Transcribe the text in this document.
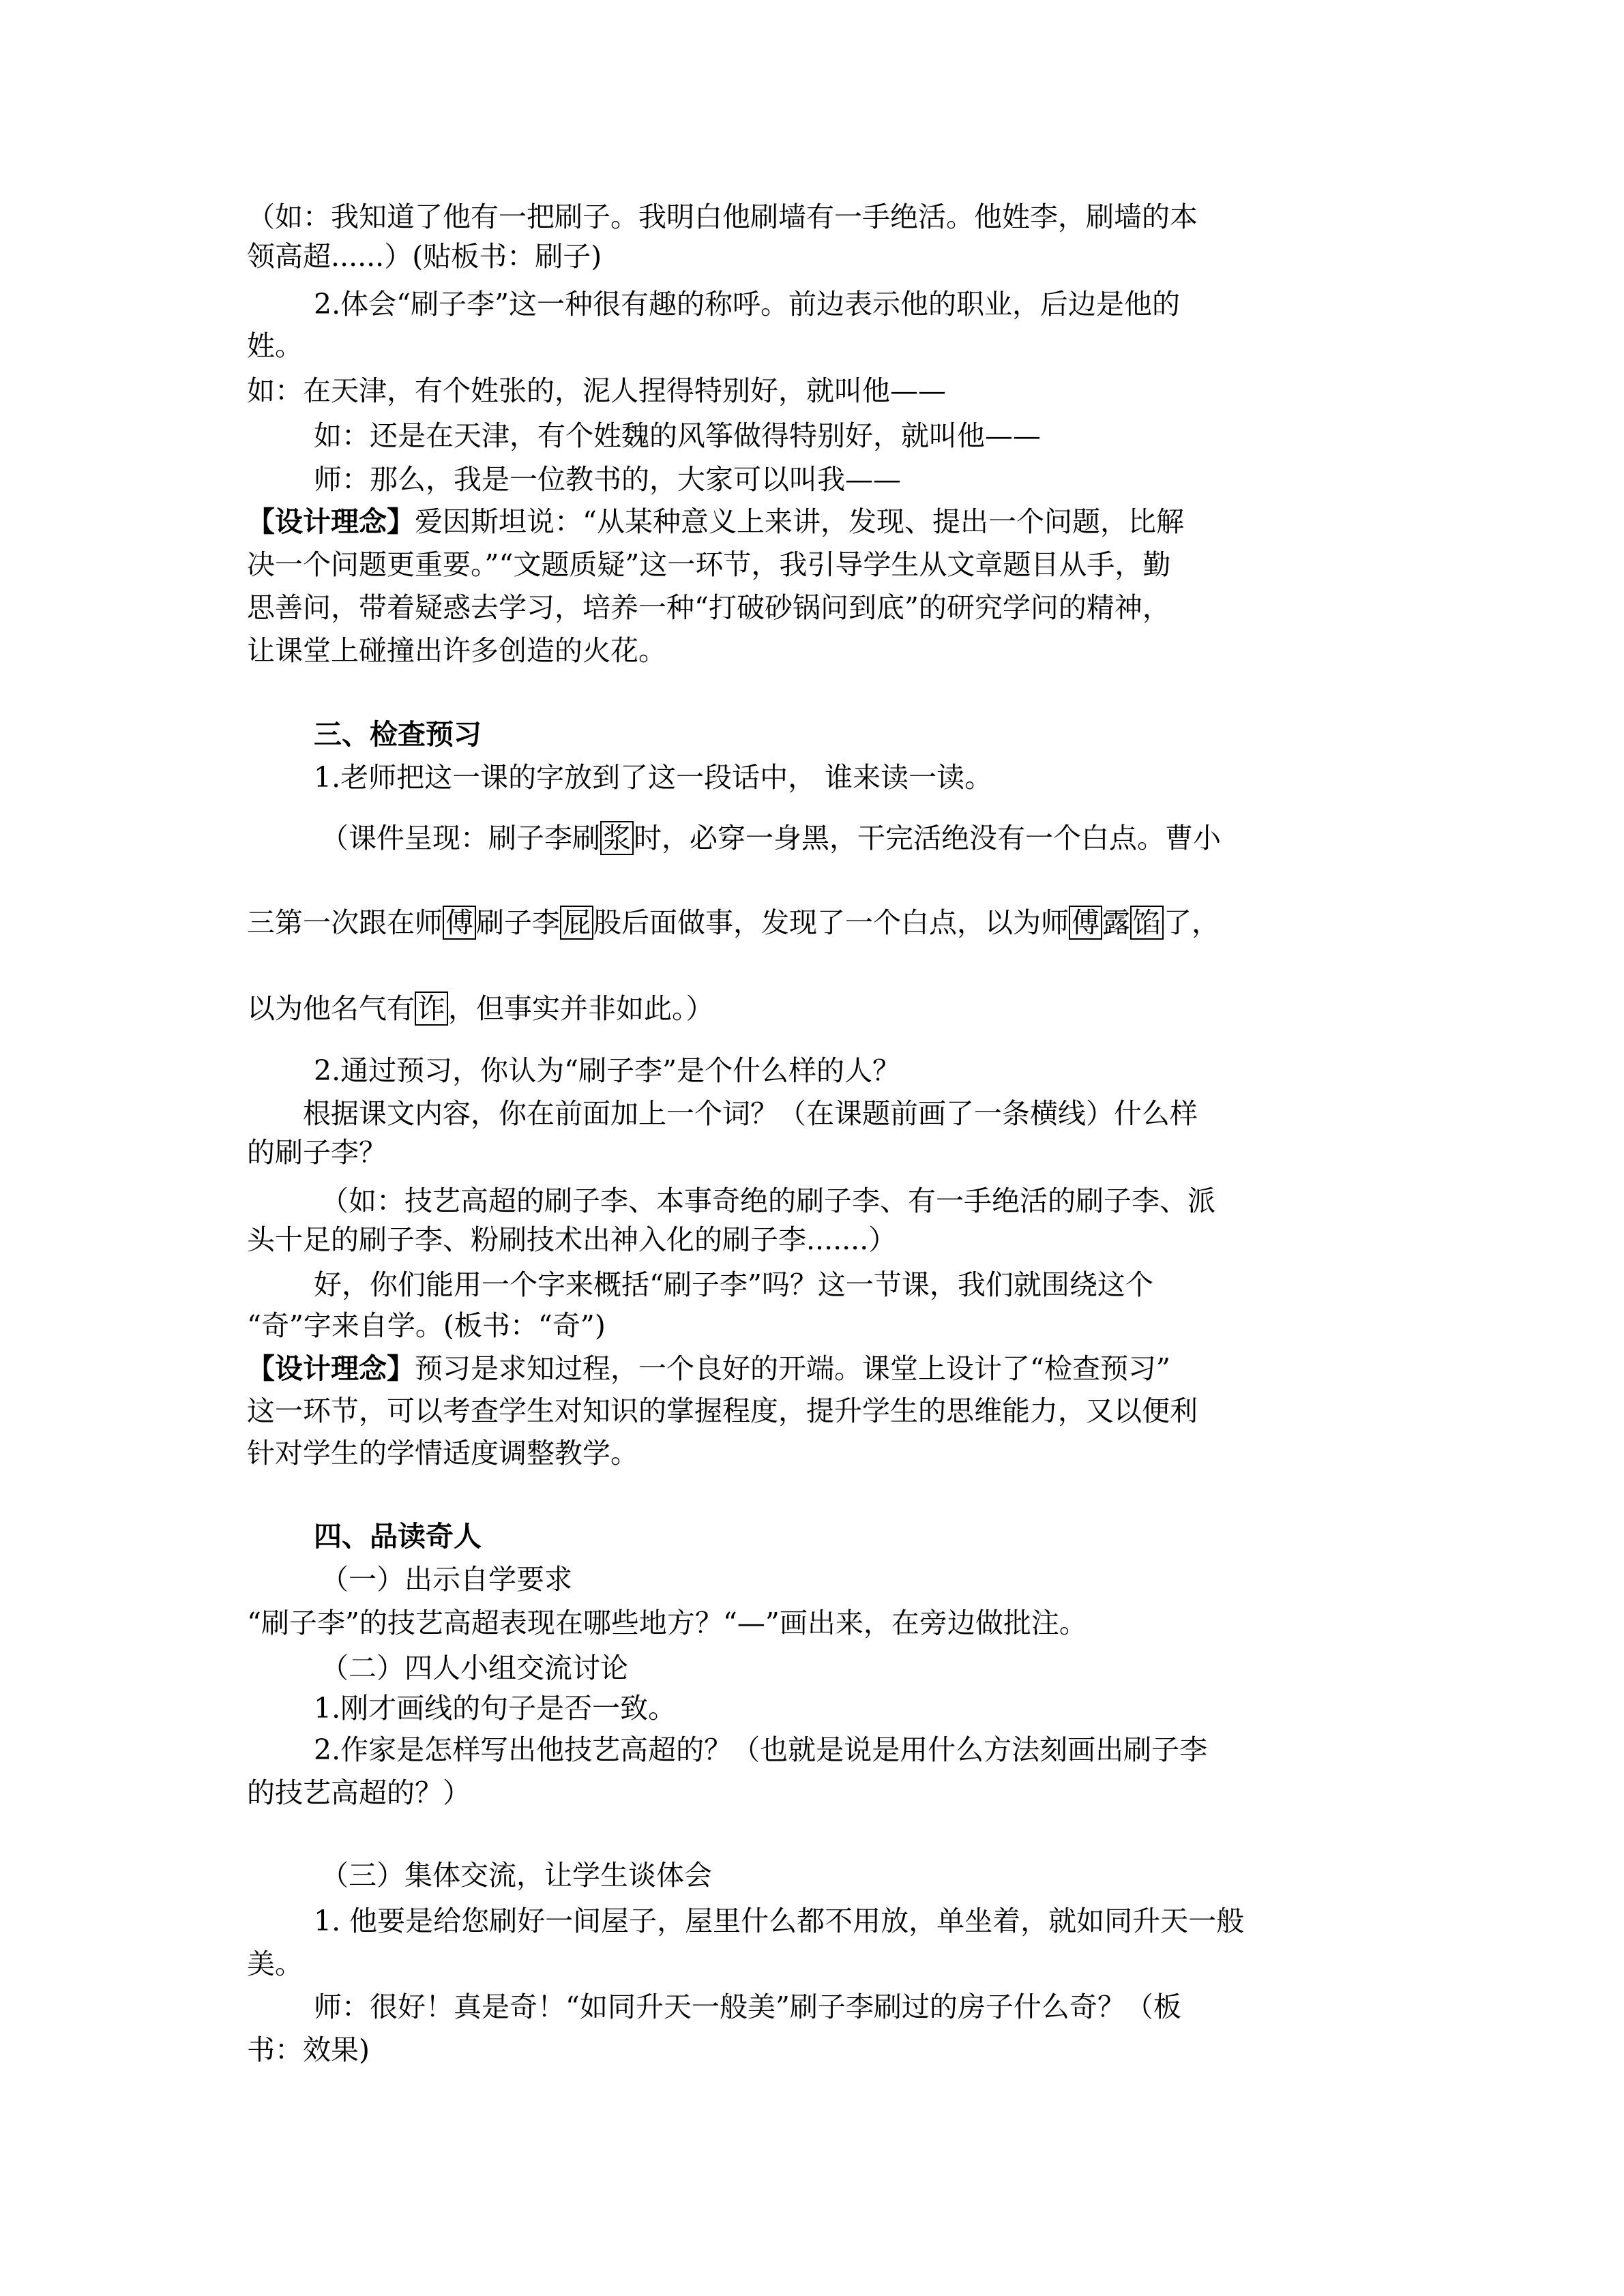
（如：我知道了他有一把刷子。我明白他刷墙有一手绝活。他姓李，刷墙的本
领高超......）(贴板书：刷子)
2.体会“刷子李”这一种很有趣的称呼。前边表示他的职业，后边是他的
姓。
如：在天津，有个姓张的，泥人捏得特别好，就叫他——
如：还是在天津，有个姓魏的风筝做得特别好，就叫他——
师：那么，我是一位教书的，大家可以叫我——
【设计理念】爱因斯坦说：“从某种意义上来讲，发现、提出一个问题，比解
决一个问题更重要。”“文题质疑”这一环节，我引导学生从文章题目从手，勤
思善问，带着疑惑去学习，培养一种“打破砂锅问到底”的研究学问的精神，
让课堂上碰撞出许多创造的火花。
三、检查预习
1.老师把这一课的字放到了这一段话中， 谁来读一读。
（课件呈现：刷子李刷浆时，必穿一身黑，干完活绝没有一个白点。曹小
三第一次跟在师傅刷子李屁股后面做事，发现了一个白点，以为师傅露馅了，
以为他名气有诈，但事实并非如此。）
2.通过预习，你认为“刷子李”是个什么样的人？
根据课文内容，你在前面加上一个词？（在课题前画了一条横线）什么样
的刷子李？
（如：技艺高超的刷子李、本事奇绝的刷子李、有一手绝活的刷子李、派
头十足的刷子李、粉刷技术出神入化的刷子李.......）
好，你们能用一个字来概括“刷子李”吗？这一节课，我们就围绕这个
“奇”字来自学。(板书：“奇”)
【设计理念】预习是求知过程，一个良好的开端。课堂上设计了“检查预习”
这一环节，可以考查学生对知识的掌握程度，提升学生的思维能力，又以便利
针对学生的学情适度调整教学。
四、品读奇人
（一）出示自学要求
“刷子李”的技艺高超表现在哪些地方？“—”画出来，在旁边做批注。
（二）四人小组交流讨论
1.刚才画线的句子是否一致。
2.作家是怎样写出他技艺高超的？（也就是说是用什么方法刻画出刷子李
的技艺高超的？）
（三）集体交流，让学生谈体会
1. 他要是给您刷好一间屋子，屋里什么都不用放，单坐着，就如同升天一般
美。
师：很好！真是奇！“如同升天一般美”刷子李刷过的房子什么奇？（板
书：效果)
